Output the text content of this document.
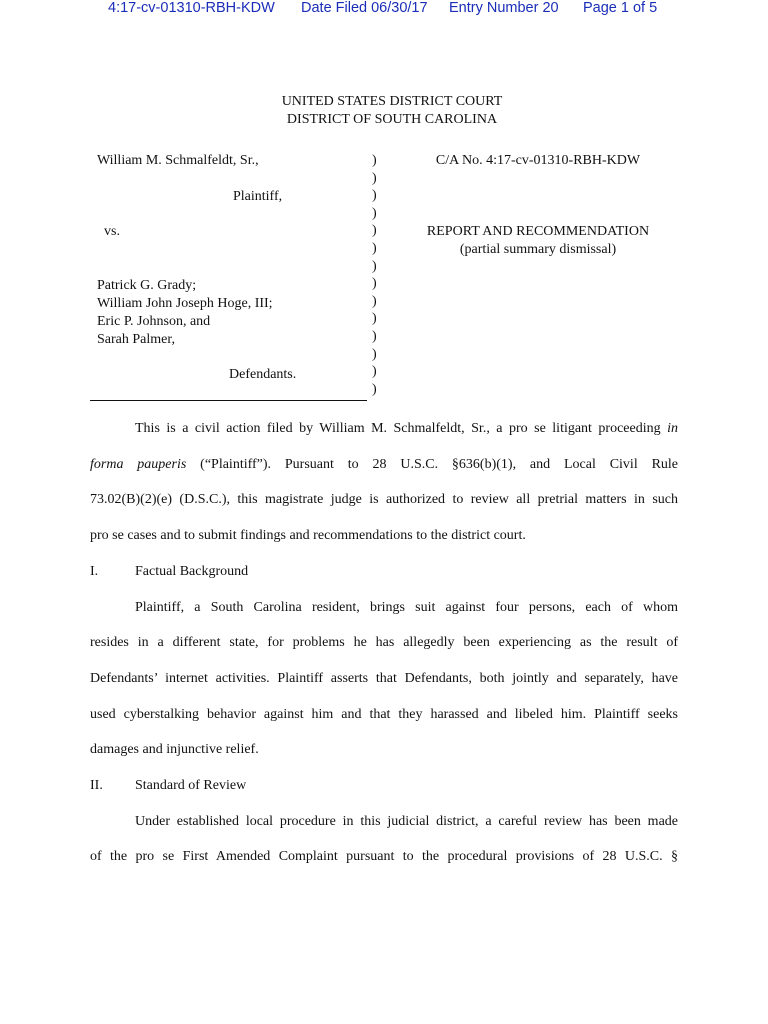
4:17-cv-01310-RBH-KDW Date Filed 06/30/17 Entry Number 20 Page 1 of 5
UNITED STATES DISTRICT COURT
DISTRICT OF SOUTH CAROLINA
William M. Schmalfeldt, Sr.,
Plaintiff,
vs.
Patrick G. Grady;
William John Joseph Hoge, III;
Eric P. Johnson, and
Sarah Palmer,
Defendants.
)
)
)
)
)
)
)
)
)
)
)
)
)
)
C/A No. 4:17-cv-01310-RBH-KDW
REPORT AND RECOMMENDATION
(partial summary dismissal)
This is a civil action filed by William M. Schmalfeldt, Sr., a pro se litigant proceeding in
forma pauperis (“Plaintiff”). Pursuant to 28 U.S.C. §636(b)(1), and Local Civil Rule
73.02(B)(2)(e) (D.S.C.), this magistrate judge is authorized to review all pretrial matters in such
pro se cases and to submit findings and recommendations to the district court.
I.	Factual Background
Plaintiff, a South Carolina resident, brings suit against four persons, each of whom
resides in a different state, for problems he has allegedly been experiencing as the result of
Defendants’ internet activities. Plaintiff asserts that Defendants, both jointly and separately, have
used cyberstalking behavior against him and that they harassed and libeled him. Plaintiff seeks
damages and injunctive relief.
II. Standard of Review
Under established local procedure in this judicial district, a careful review has been made
of the pro se First Amended Complaint pursuant to the procedural provisions of 28 U.S.C. §
